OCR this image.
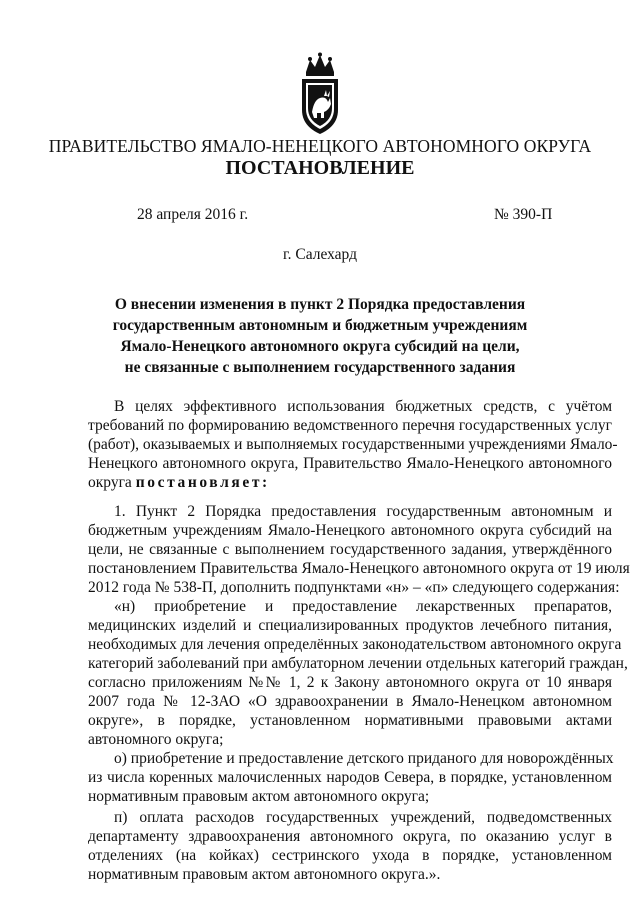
ПРАВИТЕЛЬСТВО ЯМАЛО-НЕНЕЦКОГО АВТОНОМНОГО ОКРУГА
ПОСТАНОВЛЕНИЕ
28 апреля 2016 г.	№ 390-П
г. Салехард
О внесении изменения в пункт 2 Порядка предоставления
государственным автономным и бюджетным учреждениям
Ямало-Ненецкого автономного округа субсидий на цели,
не связанные с выполнением государственного задания
В целях эффективного использования бюджетных средств, с учётом
требований по формированию ведомственного перечня государственных услуг
(работ), оказываемых и выполняемых государственными учреждениями Ямало-
Ненецкого автономного округа, Правительство Ямало-Ненецкого автономного
округа постановляет:
1. Пункт 2 Порядка предоставления государственным автономным и
бюджетным учреждениям Ямало-Ненецкого автономного округа субсидий на
цели, не связанные с выполнением государственного задания, утверждённого
постановлением Правительства Ямало-Ненецкого автономного округа от 19 июля
2012 года № 538-П, дополнить подпунктами «н» – «п» следующего содержания:
«н) приобретение и предоставление лекарственных препаратов,
медицинских изделий и специализированных продуктов лечебного питания,
необходимых для лечения определённых законодательством автономного округа
категорий заболеваний при амбулаторном лечении отдельных категорий граждан,
согласно приложениям №№ 1, 2 к Закону автономного округа от 10 января
2007 года № 12-ЗАО «О здравоохранении в Ямало-Ненецком автономном
округе», в порядке, установленном нормативными правовыми актами
автономного округа;
о) приобретение и предоставление детского приданого для новорождённых
из числа коренных малочисленных народов Севера, в порядке, установленном
нормативным правовым актом автономного округа;
п) оплата расходов государственных учреждений, подведомственных
департаменту здравоохранения автономного округа, по оказанию услуг в
отделениях (на койках) сестринского ухода в порядке, установленном
нормативным правовым актом автономного округа.».
